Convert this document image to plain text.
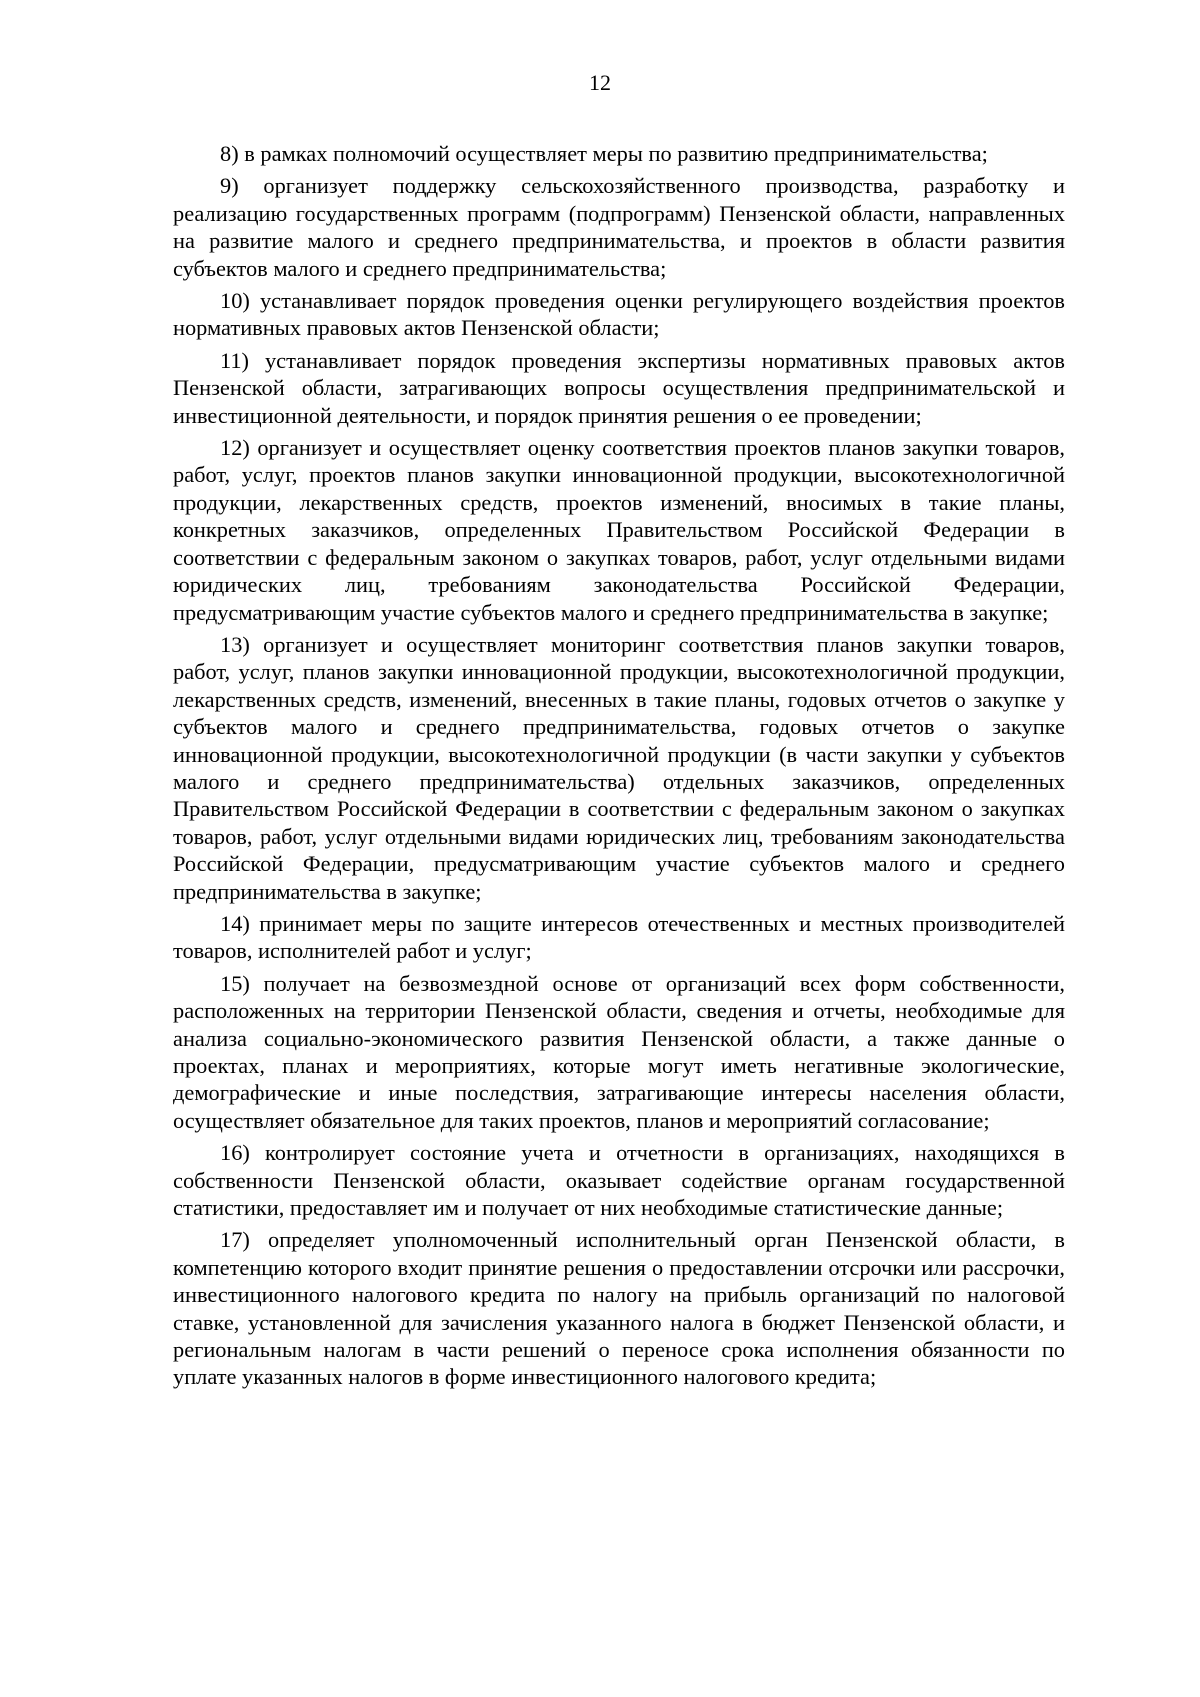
12

8) в рамках полномочий осуществляет меры по развитию предпринимательства;

9) организует поддержку сельскохозяйственного производства, разработку и реализацию государственных программ (подпрограмм) Пензенской области, направленных на развитие малого и среднего предпринимательства, и проектов в области развития субъектов малого и среднего предпринимательства;

10) устанавливает порядок проведения оценки регулирующего воздействия проектов нормативных правовых актов Пензенской области;

11) устанавливает порядок проведения экспертизы нормативных правовых актов Пензенской области, затрагивающих вопросы осуществления предпринимательской и инвестиционной деятельности, и порядок принятия решения о ее проведении;

12) организует и осуществляет оценку соответствия проектов планов закупки товаров, работ, услуг, проектов планов закупки инновационной продукции, высокотехнологичной продукции, лекарственных средств, проектов изменений, вносимых в такие планы, конкретных заказчиков, определенных Правительством Российской Федерации в соответствии с федеральным законом о закупках товаров, работ, услуг отдельными видами юридических лиц, требованиям законодательства Российской Федерации, предусматривающим участие субъектов малого и среднего предпринимательства в закупке;

13) организует и осуществляет мониторинг соответствия планов закупки товаров, работ, услуг, планов закупки инновационной продукции, высокотехнологичной продукции, лекарственных средств, изменений, внесенных в такие планы, годовых отчетов о закупке у субъектов малого и среднего предпринимательства, годовых отчетов о закупке инновационной продукции, высокотехнологичной продукции (в части закупки у субъектов малого и среднего предпринимательства) отдельных заказчиков, определенных Правительством Российской Федерации в соответствии с федеральным законом о закупках товаров, работ, услуг отдельными видами юридических лиц, требованиям законодательства Российской Федерации, предусматривающим участие субъектов малого и среднего предпринимательства в закупке;

14) принимает меры по защите интересов отечественных и местных производителей товаров, исполнителей работ и услуг;

15) получает на безвозмездной основе от организаций всех форм собственности, расположенных на территории Пензенской области, сведения и отчеты, необходимые для анализа социально-экономического развития Пензенской области, а также данные о проектах, планах и мероприятиях, которые могут иметь негативные экологические, демографические и иные последствия, затрагивающие интересы населения области, осуществляет обязательное для таких проектов, планов и мероприятий согласование;

16) контролирует состояние учета и отчетности в организациях, находящихся в собственности Пензенской области, оказывает содействие органам государственной статистики, предоставляет им и получает от них необходимые статистические данные;

17) определяет уполномоченный исполнительный орган Пензенской области, в компетенцию которого входит принятие решения о предоставлении отсрочки или рассрочки, инвестиционного налогового кредита по налогу на прибыль организаций по налоговой ставке, установленной для зачисления указанного налога в бюджет Пензенской области, и региональным налогам в части решений о переносе срока исполнения обязанности по уплате указанных налогов в форме инвестиционного налогового кредита;
